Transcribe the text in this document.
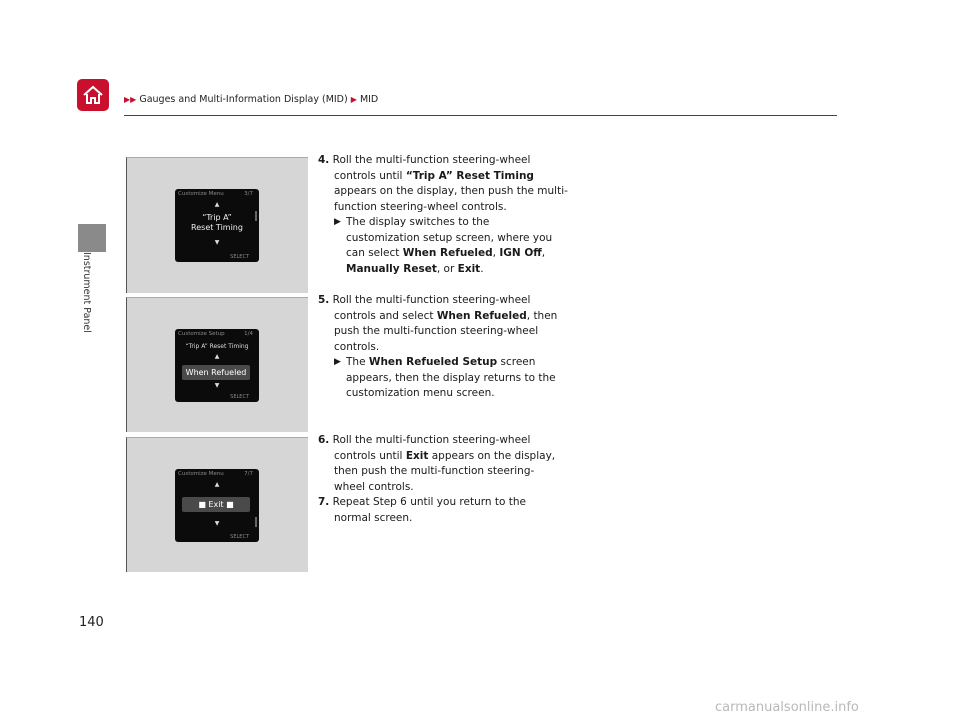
▶▶ Gauges and Multi-Information Display (MID) ▶ MID
Instrument Panel
Customize Menu	3/7
▲
“Trip A”
Reset Timing
▼
SELECT
Customize Setup	1/4
“Trip A” Reset Timing
▲
When Refueled
▼
SELECT
Customize Menu	7/7
▲
■ Exit ■
▼
SELECT

4. Roll the multi-function steering-wheel

controls until “Trip A” Reset Timing

appears on the display, then push the multi-

function steering-wheel controls.

▶ The display switches to the
customization setup screen, where you
can select When Refueled, IGN Off,
Manually Reset, or Exit.

5. Roll the multi-function steering-wheel

controls and select When Refueled, then

push the multi-function steering-wheel

controls.

▶ The When Refueled Setup screen
appears, then the display returns to the
customization menu screen.

6. Roll the multi-function steering-wheel

controls until Exit appears on the display,

then push the multi-function steering-

wheel controls.

7. Repeat Step 6 until you return to the

normal screen.

140
carmanualsonline.info
